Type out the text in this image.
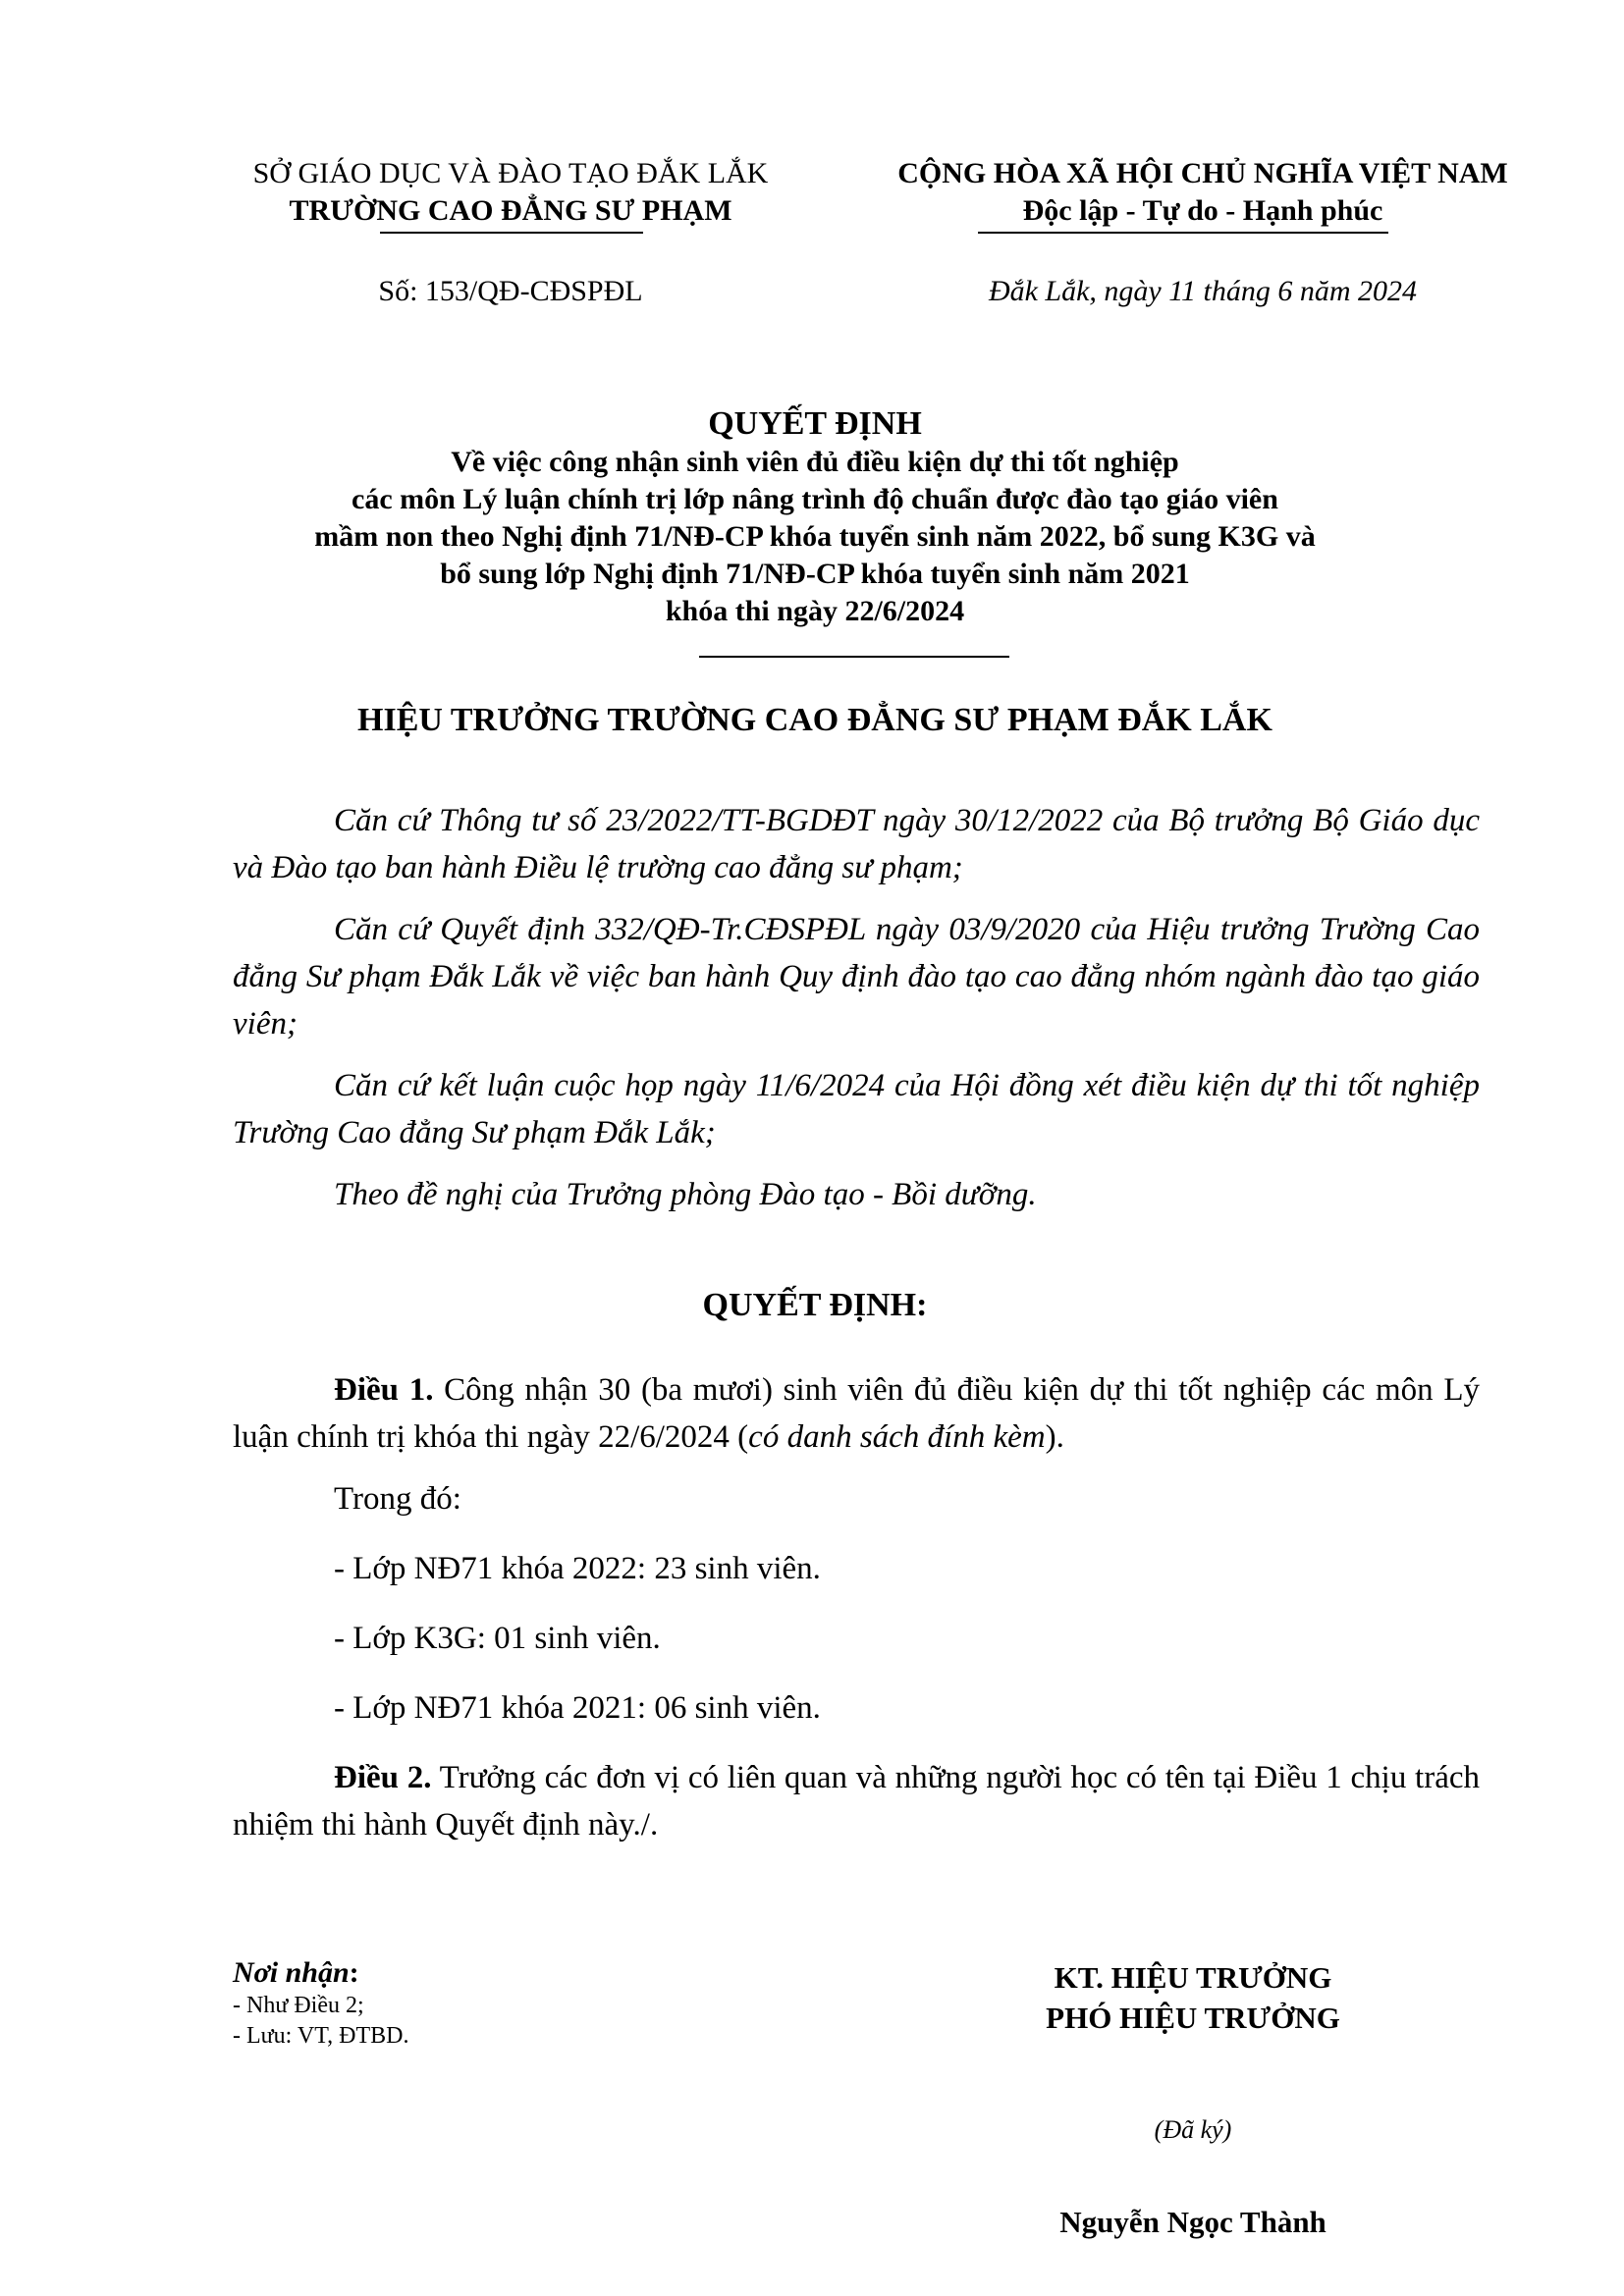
SỞ GIÁO DỤC VÀ ĐÀO TẠO ĐẮK LẮK
TRƯỜNG CAO ĐẲNG SƯ PHẠM
Số: 153/QĐ-CĐSPĐL
CỘNG HÒA XÃ HỘI CHỦ NGHĨA VIỆT NAM
Độc lập - Tự do - Hạnh phúc
Đắk Lắk, ngày 11 tháng 6 năm 2024
QUYẾT ĐỊNH
Về việc công nhận sinh viên đủ điều kiện dự thi tốt nghiệp
các môn Lý luận chính trị lớp nâng trình độ chuẩn được đào tạo giáo viên
mầm non theo Nghị định 71/NĐ-CP khóa tuyển sinh năm 2022, bổ sung K3G và
bổ sung lớp Nghị định 71/NĐ-CP khóa tuyển sinh năm 2021
khóa thi ngày 22/6/2024
HIỆU TRƯỞNG TRƯỜNG CAO ĐẲNG SƯ PHẠM ĐẮK LẮK

Căn cứ Thông tư số 23/2022/TT-BGDĐT ngày 30/12/2022 của Bộ trưởng Bộ Giáo dục và Đào tạo ban hành Điều lệ trường cao đẳng sư phạm;

Căn cứ Quyết định 332/QĐ-Tr.CĐSPĐL ngày 03/9/2020 của Hiệu trưởng Trường Cao đẳng Sư phạm Đắk Lắk về việc ban hành Quy định đào tạo cao đẳng nhóm ngành đào tạo giáo viên;

Căn cứ kết luận cuộc họp ngày 11/6/2024 của Hội đồng xét điều kiện dự thi tốt nghiệp Trường Cao đẳng Sư phạm Đắk Lắk;

Theo đề nghị của Trưởng phòng Đào tạo - Bồi dưỡng.

QUYẾT ĐỊNH:

Điều 1. Công nhận 30 (ba mươi) sinh viên đủ điều kiện dự thi tốt nghiệp các môn Lý luận chính trị khóa thi ngày 22/6/2024 (có danh sách đính kèm).

Trong đó:

- Lớp NĐ71 khóa 2022: 23 sinh viên.

- Lớp K3G: 01 sinh viên.

- Lớp NĐ71 khóa 2021: 06 sinh viên.

Điều 2. Trưởng các đơn vị có liên quan và những người học có tên tại Điều 1 chịu trách nhiệm thi hành Quyết định này./.

Nơi nhận:
- Như Điều 2;
- Lưu: VT, ĐTBD.
KT. HIỆU TRƯỞNG
PHÓ HIỆU TRƯỞNG
(Đã ký)
Nguyễn Ngọc Thành
